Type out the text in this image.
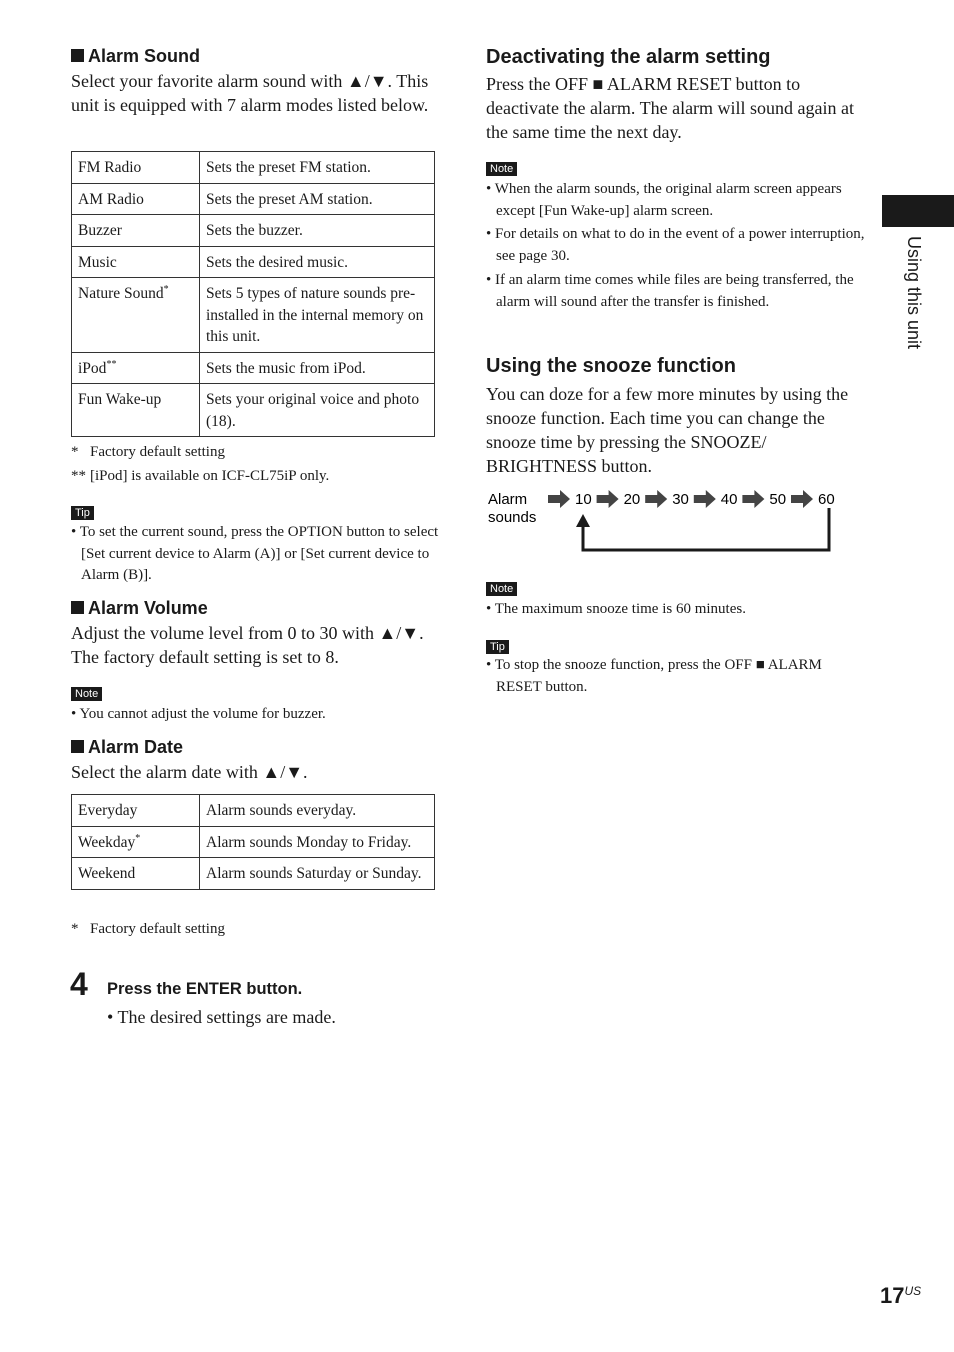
Alarm Sound
Select your favorite alarm sound with ▲/▼. This unit is equipped with 7 alarm modes listed below.
FM Radio	Sets the preset FM station.
AM Radio	Sets the preset AM station.
Buzzer	Sets the buzzer.
Music	Sets the desired music.
Nature Sound*	Sets 5 types of nature sounds pre-installed in the internal memory on this unit.
iPod**	Sets the music from iPod.
Fun Wake-up	Sets your original voice and photo (18).
* Factory default setting
** [iPod] is available on ICF-CL75iP only.
Tip
• To set the current sound, press the OPTION button to select [Set current device to Alarm (A)] or [Set current device to Alarm (B)].
Alarm Volume
Adjust the volume level from 0 to 30 with ▲/▼. The factory default setting is set to 8.
Note
• You cannot adjust the volume for buzzer.
Alarm Date
Select the alarm date with ▲/▼.
Everyday	Alarm sounds everyday.
Weekday*	Alarm sounds Monday to Friday.
Weekend	Alarm sounds Saturday or Sunday.
* Factory default setting
4 Press the ENTER button.
• The desired settings are made.
Deactivating the alarm setting
Press the OFF ■ ALARM RESET button to deactivate the alarm. The alarm will sound again at the same time the next day.
Note
• When the alarm sounds, the original alarm screen appears except [Fun Wake-up] alarm screen.
• For details on what to do in the event of a power interruption, see page 30.
• If an alarm time comes while files are being transferred, the alarm will sound after the transfer is finished.
Using the snooze function
You can doze for a few more minutes by using the snooze function. Each time you can change the snooze time by pressing the SNOOZE/ BRIGHTNESS button.
Alarm
sounds
10 20 30 40 50 60
Note
• The maximum snooze time is 60 minutes.
Tip
• To stop the snooze function, press the OFF ■ ALARM RESET button.
Using this unit
$17^{US}$
